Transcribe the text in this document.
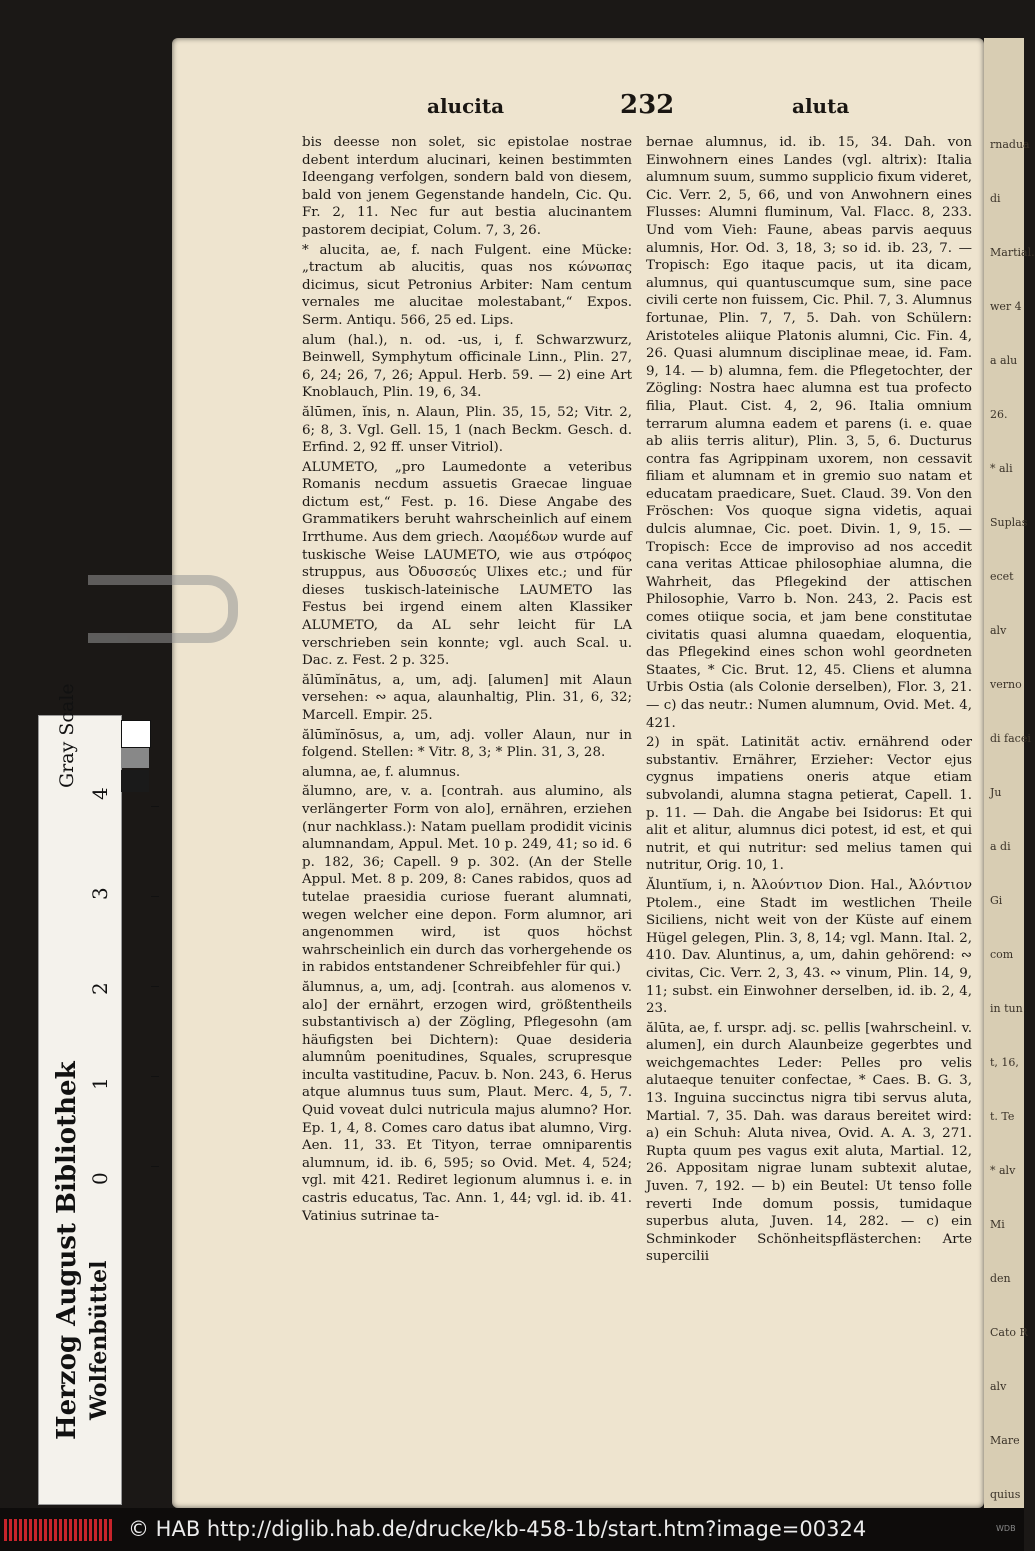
alucita	232	aluta

bis deesse non solet, sic epistolae nostrae debent interdum alucinari, keinen bestimmten Ideengang verfolgen, sondern bald von diesem, bald von jenem Gegenstande handeln, Cic. Qu. Fr. 2, 11. Nec fur aut bestia alucinantem pastorem decipiat, Colum. 7, 3, 26.

* alucita, ae, f. nach Fulgent. eine Mücke: „tractum ab alucitis, quas nos κώνωπας dicimus, sicut Petronius Arbiter: Nam centum vernales me alucitae molestabant,“ Expos. Serm. Antiqu. 566, 25 ed. Lips.

alum (hal.), n. od. -us, i, f. Schwarzwurz, Beinwell, Symphytum officinale Linn., Plin. 27, 6, 24; 26, 7, 26; Appul. Herb. 59. — 2) eine Art Knoblauch, Plin. 19, 6, 34.

ălūmen, ĭnis, n. Alaun, Plin. 35, 15, 52; Vitr. 2, 6; 8, 3. Vgl. Gell. 15, 1 (nach Beckm. Gesch. d. Erfind. 2, 92 ff. unser Vitriol).

ALUMETO, „pro Laumedonte a veteribus Romanis necdum assuetis Graecae linguae dictum est,“ Fest. p. 16. Diese Angabe des Grammatikers beruht wahrscheinlich auf einem Irrthume. Aus dem griech. Λαομέδων wurde auf tuskische Weise LAUMETO, wie aus στρόφος struppus, aus Ὀδυσσεύς Ulixes etc.; und für dieses tuskisch-lateinische LAUMETO las Festus bei irgend einem alten Klassiker ALUMETO, da AL sehr leicht für LA verschrieben sein konnte; vgl. auch Scal. u. Dac. z. Fest. 2 p. 325.

ălūmĭnātus, a, um, adj. [alumen] mit Alaun versehen: ∾ aqua, alaunhaltig, Plin. 31, 6, 32; Marcell. Empir. 25.

ălūmĭnōsus, a, um, adj. voller Alaun, nur in folgend. Stellen: * Vitr. 8, 3; * Plin. 31, 3, 28.

alumna, ae, f. alumnus.

ălumno, are, v. a. [contrah. aus alumino, als verlängerter Form von alo], ernähren, erziehen (nur nachklass.): Natam puellam prodidit vicinis alumnandam, Appul. Met. 10 p. 249, 41; so id. 6 p. 182, 36; Capell. 9 p. 302. (An der Stelle Appul. Met. 8 p. 209, 8: Canes rabidos, quos ad tutelae praesidia curiose fuerant alumnati, wegen welcher eine depon. Form alumnor, ari angenommen wird, ist quos höchst wahrscheinlich ein durch das vorhergehende os in rabidos entstandener Schreibfehler für qui.)

ălumnus, a, um, adj. [contrah. aus alomenos v. alo] der ernährt, erzogen wird, größtentheils substantivisch a) der Zögling, Pflegesohn (am häufigsten bei Dichtern): Quae desideria alumnûm poenitudines, Squales, scrupresque inculta vastitudine, Pacuv. b. Non. 243, 6. Herus atque alumnus tuus sum, Plaut. Merc. 4, 5, 7. Quid voveat dulci nutricula majus alumno? Hor. Ep. 1, 4, 8. Comes caro datus ibat alumno, Virg. Aen. 11, 33. Et Tityon, terrae omniparentis alumnum, id. ib. 6, 595; so Ovid. Met. 4, 524; vgl. mit 421. Rediret legionum alumnus i. e. in castris educatus, Tac. Ann. 1, 44; vgl. id. ib. 41. Vatinius sutrinae ta-

bernae alumnus, id. ib. 15, 34. Dah. von Einwohnern eines Landes (vgl. altrix): Italia alumnum suum, summo supplicio fixum videret, Cic. Verr. 2, 5, 66, und von Anwohnern eines Flusses: Alumni fluminum, Val. Flacc. 8, 233. Und vom Vieh: Faune, abeas parvis aequus alumnis, Hor. Od. 3, 18, 3; so id. ib. 23, 7. — Tropisch: Ego itaque pacis, ut ita dicam, alumnus, qui quantuscumque sum, sine pace civili certe non fuissem, Cic. Phil. 7, 3. Alumnus fortunae, Plin. 7, 7, 5. Dah. von Schülern: Aristoteles aliique Platonis alumni, Cic. Fin. 4, 26. Quasi alumnum disciplinae meae, id. Fam. 9, 14. — b) alumna, fem. die Pflegetochter, der Zögling: Nostra haec alumna est tua profecto filia, Plaut. Cist. 4, 2, 96. Italia omnium terrarum alumna eadem et parens (i. e. quae ab aliis terris alitur), Plin. 3, 5, 6. Ducturus contra fas Agrippinam uxorem, non cessavit filiam et alumnam et in gremio suo natam et educatam praedicare, Suet. Claud. 39. Von den Fröschen: Vos quoque signa videtis, aquai dulcis alumnae, Cic. poet. Divin. 1, 9, 15. — Tropisch: Ecce de improviso ad nos accedit cana veritas Atticae philosophiae alumna, die Wahrheit, das Pflegekind der attischen Philosophie, Varro b. Non. 243, 2. Pacis est comes otiique socia, et jam bene constitutae civitatis quasi alumna quaedam, eloquentia, das Pflegekind eines schon wohl geordneten Staates, * Cic. Brut. 12, 45. Cliens et alumna Urbis Ostia (als Colonie derselben), Flor. 3, 21. — c) das neutr.: Numen alumnum, Ovid. Met. 4, 421.

2) in spät. Latinität activ. ernährend oder substantiv. Ernährer, Erzieher: Vector ejus cygnus impatiens oneris atque etiam subvolandi, alumna stagna petierat, Capell. 1. p. 11. — Dah. die Angabe bei Isidorus: Et qui alit et alitur, alumnus dici potest, id est, et qui nutrit, et qui nutritur: sed melius tamen qui nutritur, Orig. 10, 1.

Ăluntĭum, i, n. Ἀλούντιον Dion. Hal., Ἀλόντιον Ptolem., eine Stadt im westlichen Theile Siciliens, nicht weit von der Küste auf einem Hügel gelegen, Plin. 3, 8, 14; vgl. Mann. Ital. 2, 410. Dav. Aluntinus, a, um, dahin gehörend: ∾ civitas, Cic. Verr. 2, 3, 43. ∾ vinum, Plin. 14, 9, 11; subst. ein Einwohner derselben, id. ib. 2, 4, 23.

ălūta, ae, f. urspr. adj. sc. pellis [wahrscheinl. v. alumen], ein durch Alaunbeize gegerbtes und weichgemachtes Leder: Pelles pro velis alutaeque tenuiter confectae, * Caes. B. G. 3, 13. Inguina succinctus nigra tibi servus aluta, Martial. 7, 35. Dah. was daraus bereitet wird: a) ein Schuh: Aluta nivea, Ovid. A. A. 3, 271. Rupta quum pes vagus exit aluta, Martial. 12, 26. Appositam nigrae lunam subtexit alutae, Juven. 7, 192. — b) ein Beutel: Ut tenso folle reverti Inde domum possis, tumidaque superbus aluta, Juven. 14, 282. — c) ein Schminkoder Schönheitspflästerchen: Arte supercilii

rnadua
di
Martial.
wer 4
a alu
26.
* ali
Suplas
ecet
alv
verno
di facei
Ju
a di
Gi
com
in tun
t, 16,
t. Te
* alv
Mi
den
Cato R
alv
Mare
quius
Gray Scale
4
3
2
1
0
Wolfenbüttel
© HAB http://diglib.hab.de/drucke/kb-458-1b/start.htm?image=00324	WDB
